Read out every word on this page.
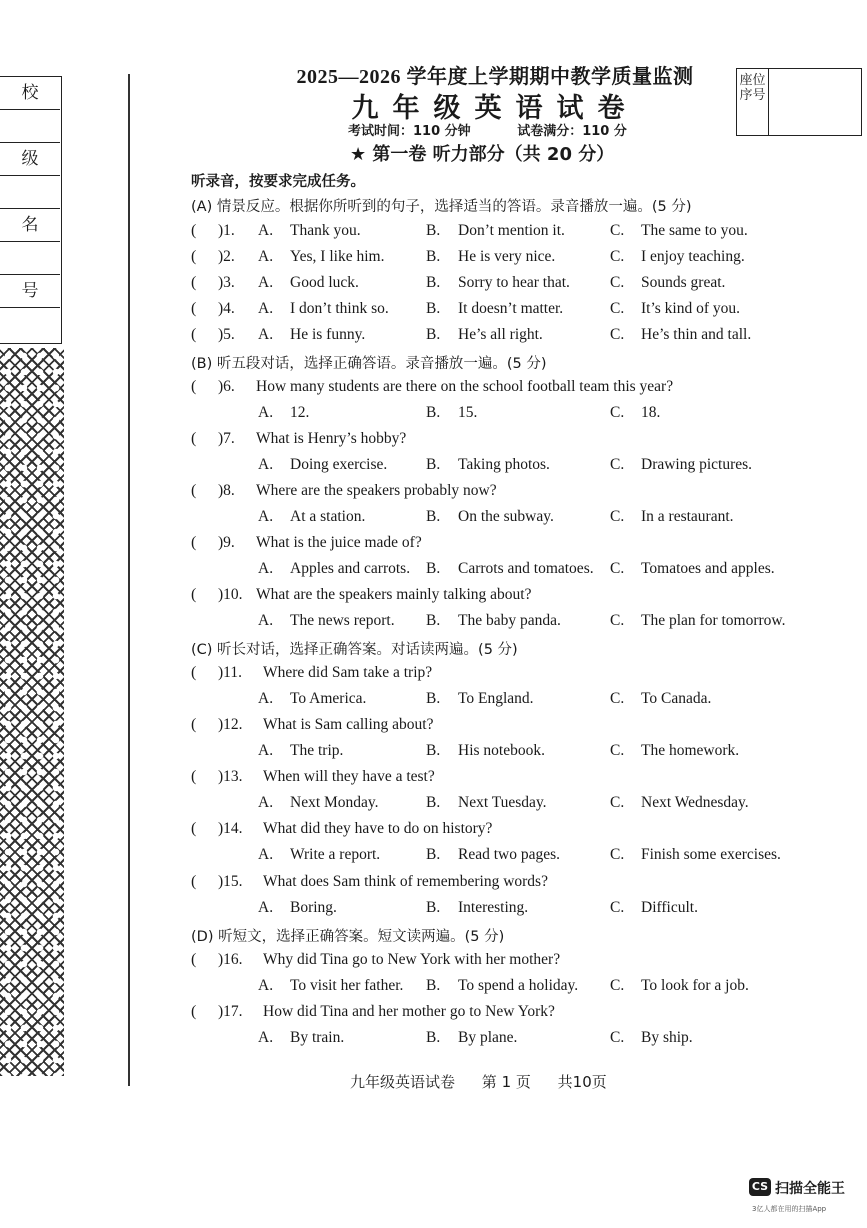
校
级
名
号
2025—2026 学年度上学期期中教学质量监测
九年级英语试卷
考试时间：110 分钟	试卷满分：110 分
★ 第一卷 听力部分（共 20 分）
座位序号
听录音，按要求完成任务。
(A) 情景反应。根据你所听到的句子，选择适当的答语。录音播放一遍。(5 分)
( )1. A. Thank you.	B. Don’t mention it.	C. The same to you.
( )2. A. Yes, I like him.	B. He is very nice.	C. I enjoy teaching.
( )3. A. Good luck.	B. Sorry to hear that.	C. Sounds great.
( )4. A. I don’t think so. B. It doesn’t matter.	C. It’s kind of you.
( )5. A. He is funny.	B. He’s all right.	C. He’s thin and tall.
(B) 听五段对话，选择正确答语。录音播放一遍。(5 分)
( )6. How many students are there on the school football team this year?
A. 12.	B. 15.	C. 18.
( )7. What is Henry’s hobby?
A. Doing exercise. B. Taking photos.	C. Drawing pictures.
( )8. Where are the speakers probably now?
A. At a station.	B. On the subway.	C. In a restaurant.
( )9. What is the juice made of?
A. Apples and carrots. B. Carrots and tomatoes. C. Tomatoes and apples.
( )10. What are the speakers mainly talking about?
A. The news report. B. The baby panda.	C. The plan for tomorrow.
(C) 听长对话，选择正确答案。对话读两遍。(5 分)
( )11. Where did Sam take a trip?
A. To America.	B. To England.	C. To Canada.
( )12. What is Sam calling about?
A. The trip.	B. His notebook.	C. The homework.
( )13. When will they have a test?
A. Next Monday.	B. Next Tuesday.	C. Next Wednesday.
( )14. What did they have to do on history?
A. Write a report.	B. Read two pages.	C. Finish some exercises.
( )15. What does Sam think of remembering words?
A. Boring.	B. Interesting.	C. Difficult.
(D) 听短文，选择正确答案。短文读两遍。(5 分)
( )16. Why did Tina go to New York with her mother?
A. To visit her father. B. To spend a holiday. C. To look for a job.
( )17. How did Tina and her mother go to New York?
A. By train.	B. By plane.	C. By ship.
九年级英语试卷 第 1 页 共10页
CS 扫描全能王
3亿人都在用的扫描App
